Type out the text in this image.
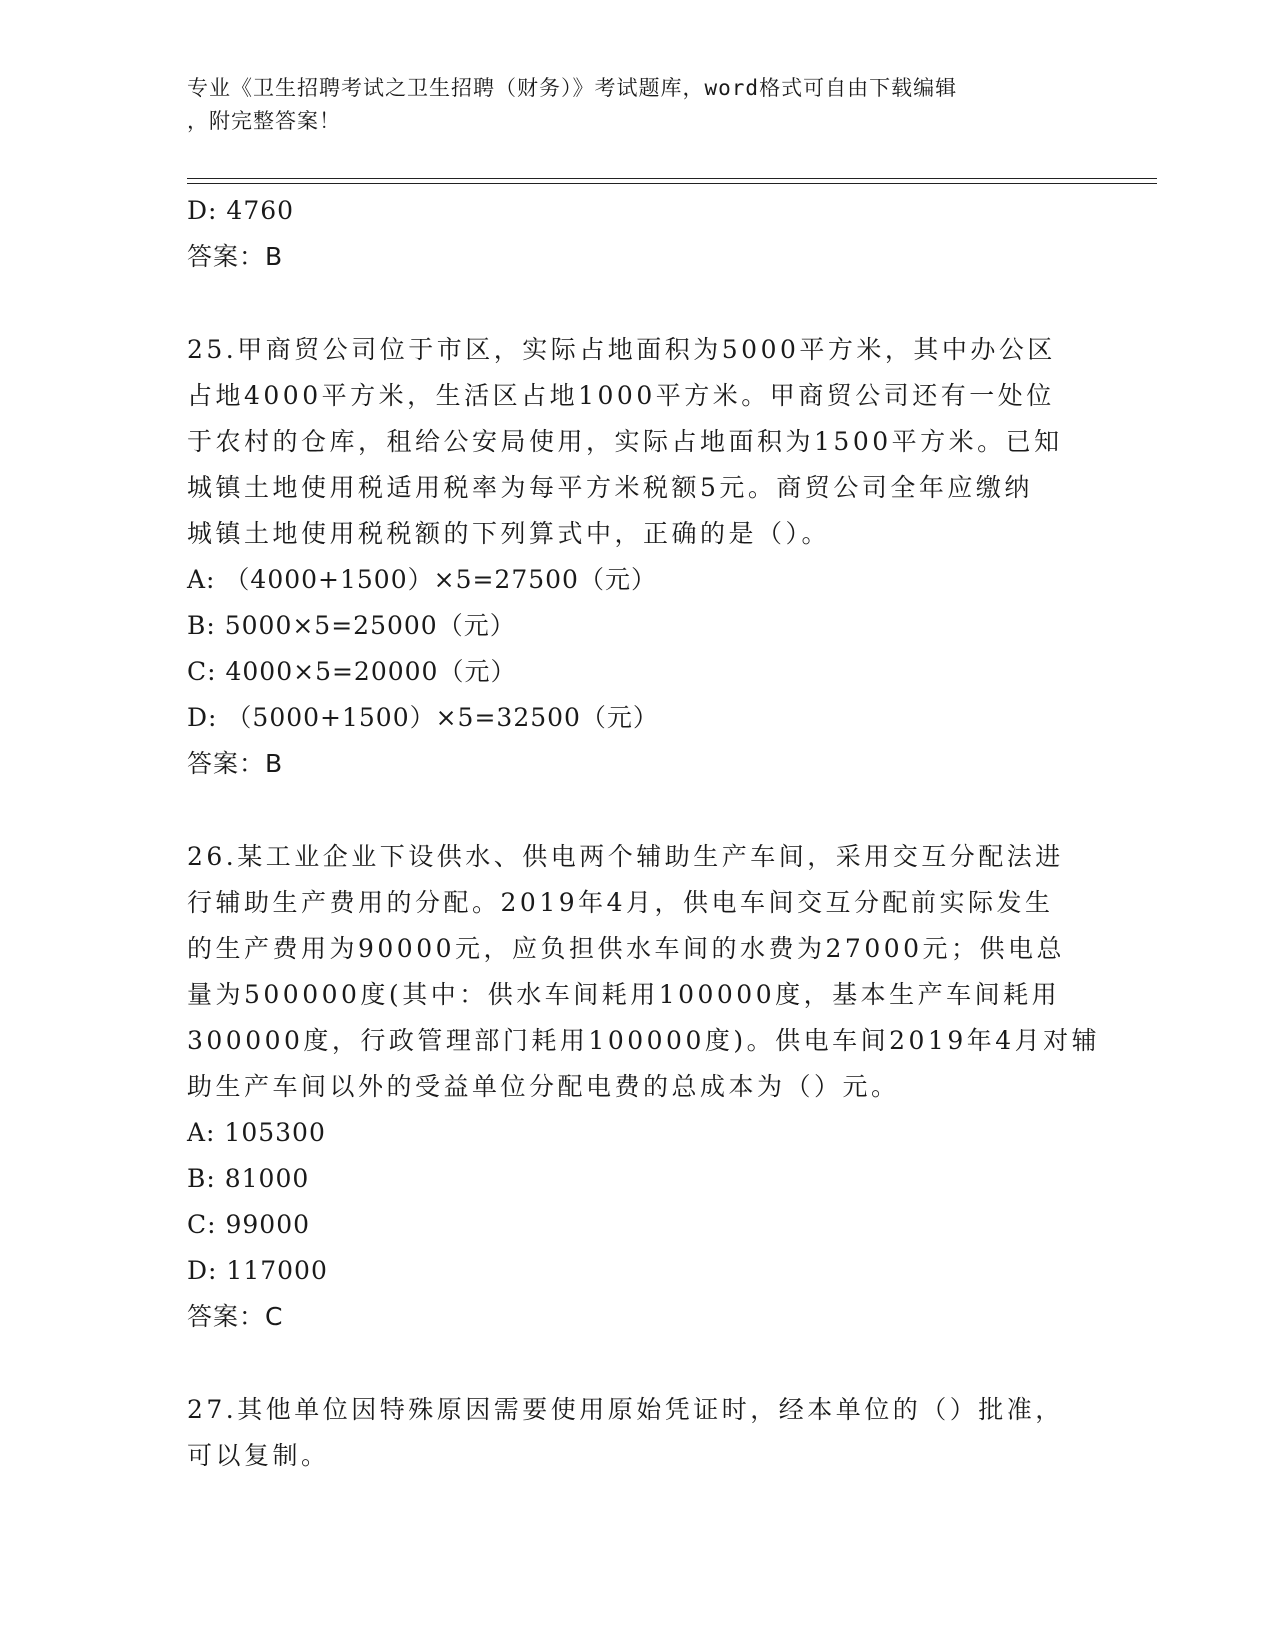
专业《卫生招聘考试之卫生招聘（财务）》考试题库，word格式可自由下载编辑
，附完整答案！
D: 4760
答案：B
25.甲商贸公司位于市区，实际占地面积为5000平方米，其中办公区
占地4000平方米，生活区占地1000平方米。甲商贸公司还有一处位
于农村的仓库，租给公安局使用，实际占地面积为1500平方米。已知
城镇土地使用税适用税率为每平方米税额5元。商贸公司全年应缴纳
城镇土地使用税税额的下列算式中，正确的是（）。
A: （4000+1500）×5=27500（元）
B: 5000×5=25000（元）
C: 4000×5=20000（元）
D: （5000+1500）×5=32500（元）
答案：B
26.某工业企业下设供水、供电两个辅助生产车间，采用交互分配法进
行辅助生产费用的分配。2019年4月，供电车间交互分配前实际发生
的生产费用为90000元，应负担供水车间的水费为27000元；供电总
量为500000度(其中：供水车间耗用100000度，基本生产车间耗用
300000度，行政管理部门耗用100000度)。供电车间2019年4月对辅
助生产车间以外的受益单位分配电费的总成本为（）元。
A: 105300
B: 81000
C: 99000
D: 117000
答案：C
27.其他单位因特殊原因需要使用原始凭证时，经本单位的（）批准，
可以复制。
